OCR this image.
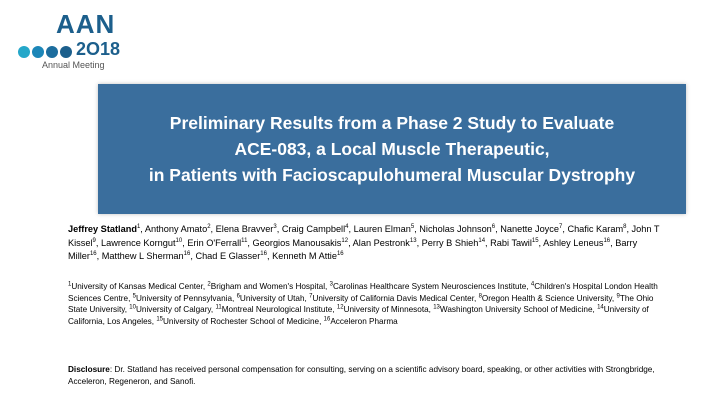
AAN
2O18
Annual Meeting
Preliminary Results from a Phase 2 Study to Evaluate
ACE-083, a Local Muscle Therapeutic,
in Patients with Facioscapulohumeral Muscular Dystrophy
Jeffrey Statland$^1$, Anthony Amato$^2$, Elena Bravver$^3$, Craig Campbell$^4$, Lauren Elman$^5$, Nicholas Johnson$^6$, Nanette Joyce$^7$, Chafic Karam$^8$, John T Kissel$^9$, Lawrence Korngut$^{10}$, Erin O'Ferrall$^{11}$, Georgios Manousakis$^{12}$, Alan Pestronk$^{13}$, Perry B Shieh$^{14}$, Rabi Tawil$^{15}$, Ashley Leneus$^{16}$, Barry Miller$^{16}$, Matthew L Sherman$^{16}$, Chad E Glasser$^{16}$, Kenneth M Attie$^{16}$
$^1$University of Kansas Medical Center, $^2$Brigham and Women's Hospital, $^3$Carolinas Healthcare System Neurosciences Institute, $^4$Children's Hospital London Health Sciences Centre, $^5$University of Pennsylvania, $^6$University of Utah, $^7$University of California Davis Medical Center, $^8$Oregon Health & Science University, $^9$The Ohio State University, $^{10}$University of Calgary, $^{11}$Montreal Neurological Institute, $^{12}$University of Minnesota, $^{13}$Washington University School of Medicine, $^{14}$University of California, Los Angeles, $^{15}$University of Rochester School of Medicine, $^{16}$Acceleron Pharma
Disclosure: Dr. Statland has received personal compensation for consulting, serving on a scientific advisory board, speaking, or other activities with Strongbridge, Acceleron, Regeneron, and Sanofi.
